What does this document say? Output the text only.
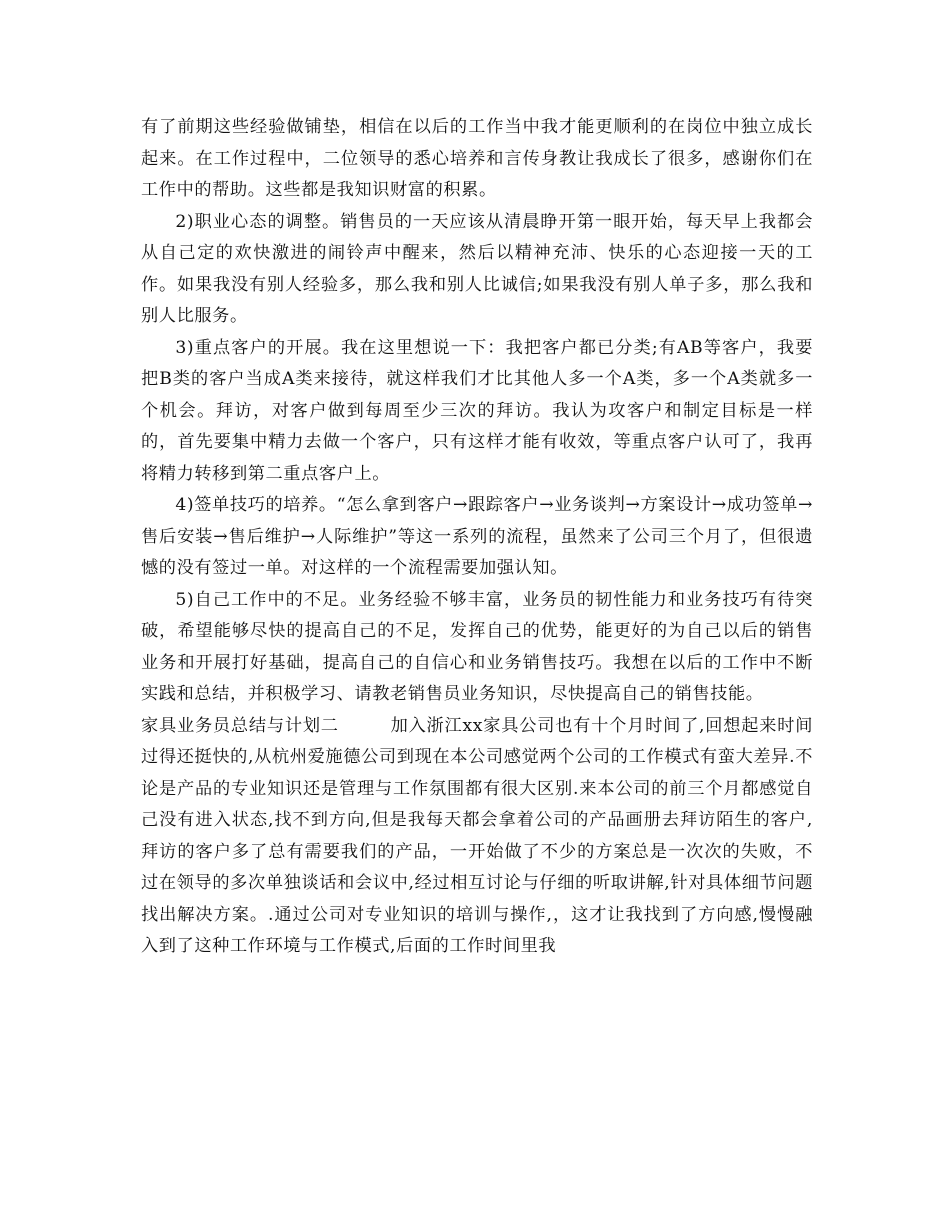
有了前期这些经验做铺垫，相信在以后的工作当中我才能更顺利的在岗位中独立成长起来。在工作过程中，二位领导的悉心培养和言传身教让我成长了很多，感谢你们在工作中的帮助。这些都是我知识财富的积累。

2)职业心态的调整。销售员的一天应该从清晨睁开第一眼开始，每天早上我都会从自己定的欢快激进的闹铃声中醒来，然后以精神充沛、快乐的心态迎接一天的工作。如果我没有别人经验多，那么我和别人比诚信;如果我没有别人单子多，那么我和别人比服务。

3)重点客户的开展。我在这里想说一下：我把客户都已分类;有AB等客户，我要把B类的客户当成A类来接待，就这样我们才比其他人多一个A类，多一个A类就多一个机会。拜访，对客户做到每周至少三次的拜访。我认为攻客户和制定目标是一样的，首先要集中精力去做一个客户，只有这样才能有收效，等重点客户认可了，我再将精力转移到第二重点客户上。

4)签单技巧的培养。“怎么拿到客户→跟踪客户→业务谈判→方案设计→成功签单→售后安装→售后维护→人际维护”等这一系列的流程，虽然来了公司三个月了，但很遗憾的没有签过一单。对这样的一个流程需要加强认知。

5)自己工作中的不足。业务经验不够丰富，业务员的韧性能力和业务技巧有待突破，希望能够尽快的提高自己的不足，发挥自己的优势，能更好的为自己以后的销售业务和开展打好基础，提高自己的自信心和业务销售技巧。我想在以后的工作中不断实践和总结，并积极学习、请教老销售员业务知识，尽快提高自己的销售技能。

家具业务员总结与计划二	加入浙江xx家具公司也有十个月时间了,回想起来时间过得还挺快的,从杭州爱施德公司到现在本公司感觉两个公司的工作模式有蛮大差异.不论是产品的专业知识还是管理与工作氛围都有很大区别.来本公司的前三个月都感觉自己没有进入状态,找不到方向,但是我每天都会拿着公司的产品画册去拜访陌生的客户,拜访的客户多了总有需要我们的产品，一开始做了不少的方案总是一次次的失败，不过在领导的多次单独谈话和会议中,经过相互讨论与仔细的听取讲解,针对具体细节问题找出解决方案。.通过公司对专业知识的培训与操作,，这才让我找到了方向感,慢慢融入到了这种工作环境与工作模式,后面的工作时间里我
